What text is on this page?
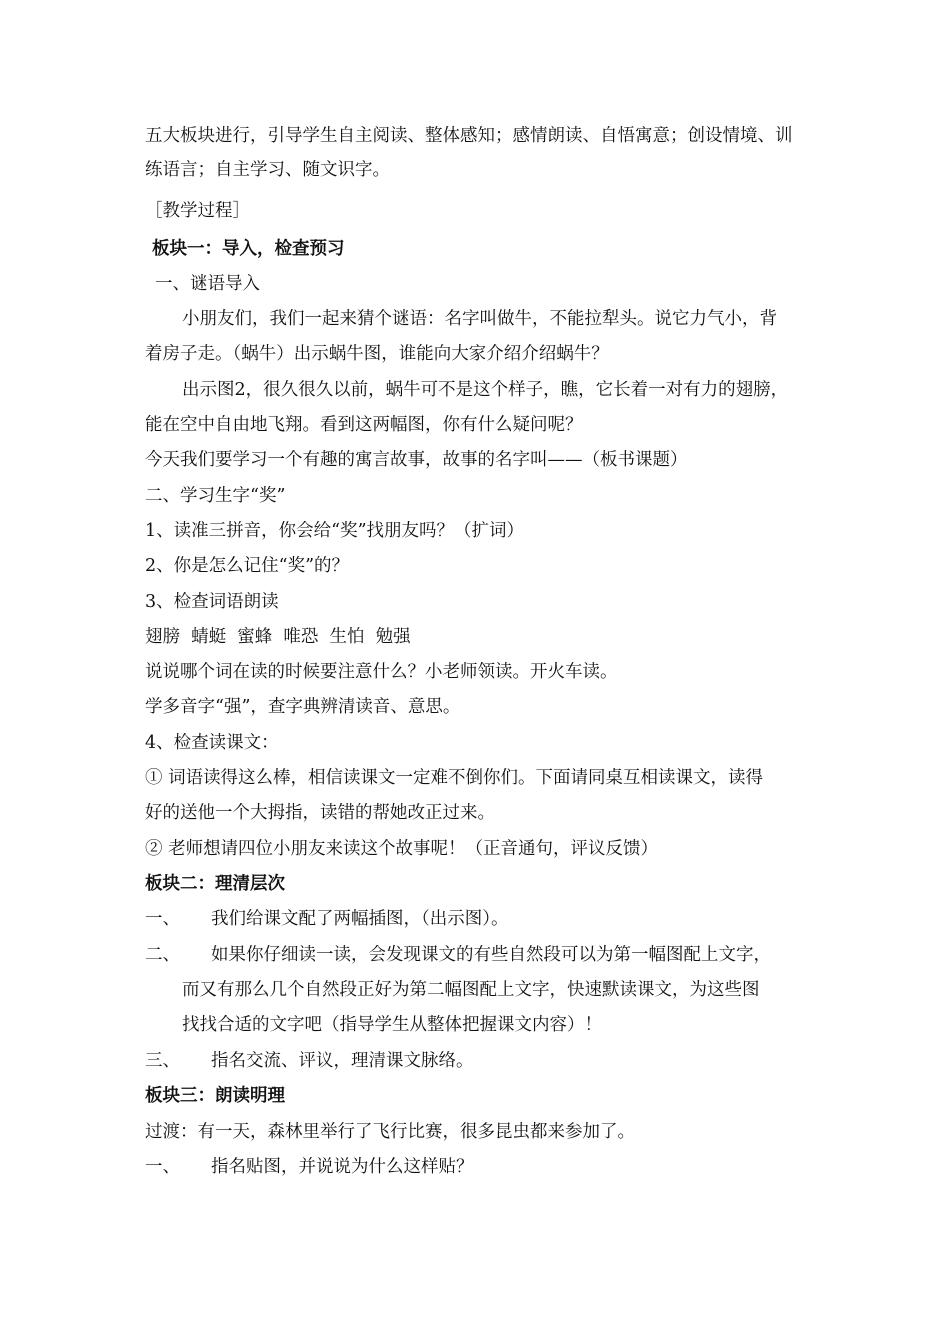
五大板块进行，引导学生自主阅读、整体感知；感情朗读、自悟寓意；创设情境、训
练语言；自主学习、随文识字。
［教学过程］
板块一：导入，检查预习
一、谜语导入
小朋友们，我们一起来猜个谜语：名字叫做牛，不能拉犁头。说它力气小，背
着房子走。（蜗牛）出示蜗牛图，谁能向大家介绍介绍蜗牛？
出示图2，很久很久以前，蜗牛可不是这个样子，瞧，它长着一对有力的翅膀，
能在空中自由地飞翔。看到这两幅图，你有什么疑问呢？
今天我们要学习一个有趣的寓言故事，故事的名字叫——（板书课题）
二、学习生字“奖”
1、读准三拼音，你会给“奖”找朋友吗？（扩词）
2、你是怎么记住“奖”的？
3、检查词语朗读
翅膀  蜻蜓  蜜蜂  唯恐  生怕  勉强
说说哪个词在读的时候要注意什么？小老师领读。开火车读。
学多音字“强”，查字典辨清读音、意思。
4、检查读课文：
① 词语读得这么棒，相信读课文一定难不倒你们。下面请同桌互相读课文，读得
好的送他一个大拇指，读错的帮她改正过来。
② 老师想请四位小朋友来读这个故事呢！（正音通句，评议反馈）
板块二：理清层次
一、 我们给课文配了两幅插图，（出示图）。
二、 如果你仔细读一读，会发现课文的有些自然段可以为第一幅图配上文字，
而又有那么几个自然段正好为第二幅图配上文字，快速默读课文，为这些图
找找合适的文字吧（指导学生从整体把握课文内容）！
三、 指名交流、评议，理清课文脉络。
板块三：朗读明理
过渡：有一天，森林里举行了飞行比赛，很多昆虫都来参加了。
一、 指名贴图，并说说为什么这样贴？
